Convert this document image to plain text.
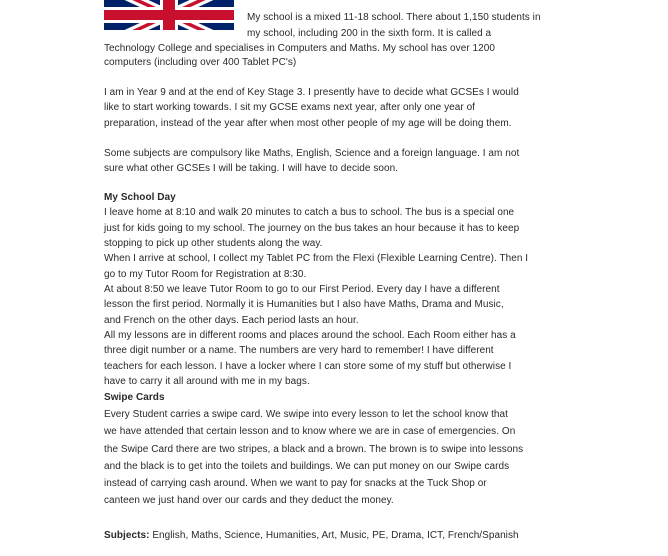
My school is a mixed 11-18 school. There about 1,150 students in
my school, including 200 in the sixth form. It is called a
Technology College and specialises in Computers and Maths. My school has over 1200
computers (including over 400 Tablet PC's)
I am in Year 9 and at the end of Key Stage 3. I presently have to decide what GCSEs I would
like to start working towards. I sit my GCSE exams next year, after only one year of
preparation, instead of the year after when most other people of my age will be doing them.
Some subjects are compulsory like Maths, English, Science and a foreign language. I am not
sure what other GCSEs I will be taking. I will have to decide soon.
My School Day
I leave home at 8:10 and walk 20 minutes to catch a bus to school. The bus is a special one
just for kids going to my school. The journey on the bus takes an hour because it has to keep
stopping to pick up other students along the way.
When I arrive at school, I collect my Tablet PC from the Flexi (Flexible Learning Centre). Then I
go to my Tutor Room for Registration at 8:30.
At about 8:50 we leave Tutor Room to go to our First Period. Every day I have a different
lesson the first period. Normally it is Humanities but I also have Maths, Drama and Music,
and French on the other days. Each period lasts an hour.
All my lessons are in different rooms and places around the school. Each Room either has a
three digit number or a name. The numbers are very hard to remember! I have different
teachers for each lesson. I have a locker where I can store some of my stuff but otherwise I
have to carry it all around with me in my bags.
Swipe Cards
Every Student carries a swipe card. We swipe into every lesson to let the school know that
we have attended that certain lesson and to know where we are in case of emergencies. On
the Swipe Card there are two stripes, a black and a brown. The brown is to swipe into lessons
and the black is to get into the toilets and buildings. We can put money on our Swipe cards
instead of carrying cash around. When we want to pay for snacks at the Tuck Shop or
canteen we just hand over our cards and they deduct the money.
Subjects: English, Maths, Science, Humanities, Art, Music, PE, Drama, ICT, French/Spanish
